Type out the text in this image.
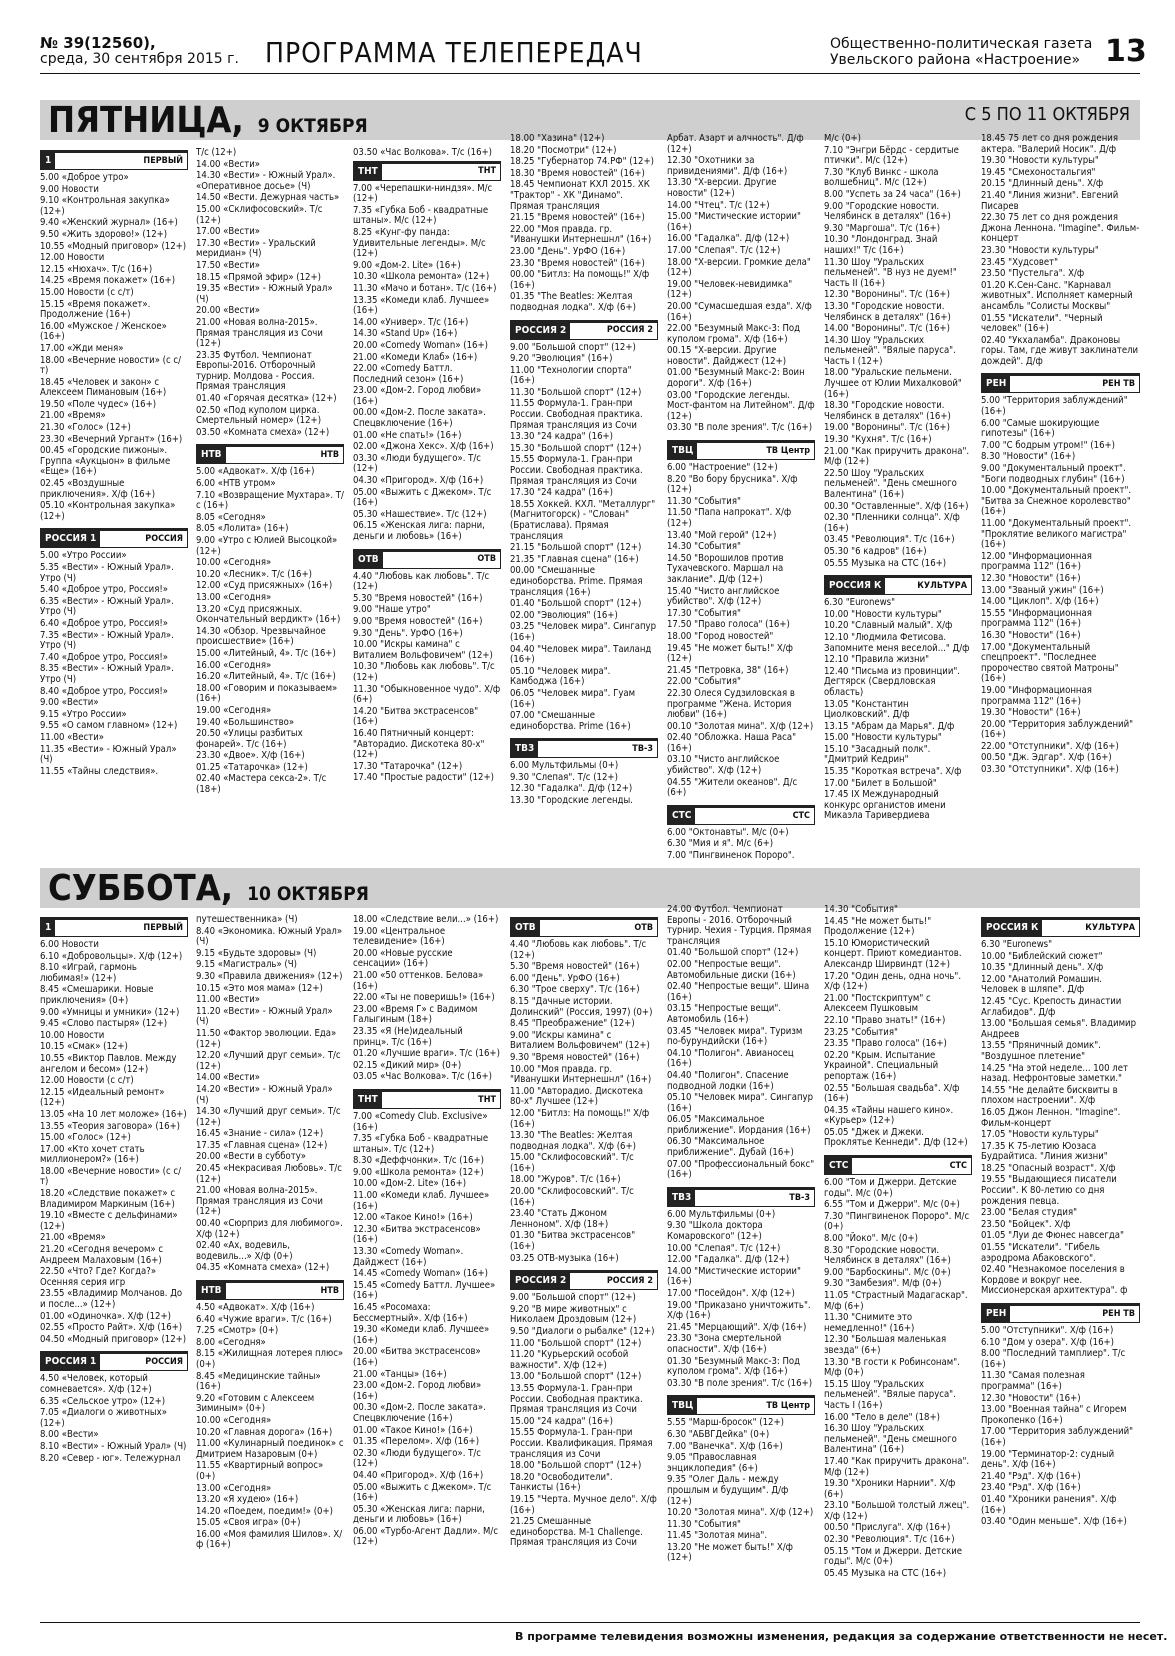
№ 39(12560),
среда, 30 сентября 2015 г. ПРОГРАММА ТЕЛЕПЕРЕДАЧ	Общественно-политическая газета
Увельского района «Настроение» 13
ПЯТНИЦА, 9 ОКТЯБРЯ
С 5 ПО 11 ОКТЯБРЯ
1	ПЕРВЫЙ

5.00 «Доброе утро»

9.00 Новости

9.10 «Контрольная закупка» (12+)

9.40 «Женский журнал» (16+)

9.50 «Жить здорово!» (12+)

10.55 «Модный приговор» (12+)

12.00 Новости

12.15 «Нюхач». Т/с (16+)

14.25 «Время покажет» (16+)

15.00 Новости (с с/т)

15.15 «Время покажет». Продолжение (16+)

16.00 «Мужское / Женское» (16+)

17.00 «Жди меня»

18.00 «Вечерние новости» (с с/т)

18.45 «Человек и закон» с Алексеем Пимановым (16+)

19.50 «Поле чудес» (16+)

21.00 «Время»

21.30 «Голос» (12+)

23.30 «Вечерний Ургант» (16+)

00.45 «Городские пижоны». Группа «Аукцыон» в фильме «Еще» (16+)

02.45 «Воздушные приключения». Х/ф (16+)

05.10 «Контрольная закупка» (12+)

РОССИЯ 1	РОССИЯ

5.00 «Утро России»

5.35 «Вести» - Южный Урал». Утро (Ч)

5.40 «Доброе утро, Россия!»

6.35 «Вести» - Южный Урал». Утро (Ч)

6.40 «Доброе утро, Россия!»

7.35 «Вести» - Южный Урал». Утро (Ч)

7.40 «Доброе утро, Россия!»

8.35 «Вести» - Южный Урал». Утро (Ч)

8.40 «Доброе утро, Россия!»

9.00 «Вести»

9.15 «Утро России»

9.55 «О самом главном» (12+)

11.00 «Вести»

11.35 «Вести» - Южный Урал» (Ч)

11.55 «Тайны следствия».

Т/с (12+)

14.00 «Вести»

14.30 «Вести» - Южный Урал». «Оперативное досье» (Ч)

14.50 «Вести. Дежурная часть»

15.00 «Склифосовский». Т/с (12+)

17.00 «Вести»

17.30 «Вести» - Уральский меридиан» (Ч)

17.50 «Вести»

18.15 «Прямой эфир» (12+)

19.35 «Вести» - Южный Урал» (Ч)

20.00 «Вести»

21.00 «Новая волна-2015». Прямая трансляция из Сочи (12+)

23.35 Футбол. Чемпионат Европы-2016. Отборочный турнир. Молдова - Россия. Прямая трансляция

01.40 «Горячая десятка» (12+)

02.50 «Под куполом цирка. Смертельный номер» (12+)

03.50 «Комната смеха» (12+)

НТВ	НТВ

5.00 «Адвокат». Х/ф (16+)

6.00 «НТВ утром»

7.10 «Возвращение Мухтара». Т/с (16+)

8.05 «Сегодня»

8.05 «Лолита» (16+)

9.00 «Утро с Юлией Высоцкой» (12+)

10.00 «Сегодня»

10.20 «Лесник». Т/с (16+)

12.00 «Суд присяжных» (16+)

13.00 «Сегодня»

13.20 «Суд присяжных. Окончательный вердикт» (16+)

14.30 «Обзор. Чрезвычайное происшествие» (16+)

15.00 «Литейный, 4». Т/с (16+)

16.00 «Сегодня»

16.20 «Литейный, 4». Т/с (16+)

18.00 «Говорим и показываем» (16+)

19.00 «Сегодня»

19.40 «Большинство»

20.50 «Улицы разбитых фонарей». Т/с (16+)

23.30 «Двое». Х/ф (16+)

01.25 «Татарочка» (12+)

02.40 «Мастера секса-2». Т/с (18+)

03.50 «Час Волкова». Т/с (16+)

ТНТ	ТНТ

7.00 «Черепашки-ниндзя». М/с (12+)

7.35 «Губка Боб - квадратные штаны». М/с (12+)

8.25 «Кунг-фу панда: Удивительные легенды». М/с (12+)

9.00 «Дом-2. Lite» (16+)

10.30 «Школа ремонта» (12+)

11.30 «Мачо и ботан». Т/с (16+)

13.35 «Комеди клаб. Лучшее» (16+)

14.00 «Универ». Т/с (16+)

14.30 «Stand Up» (16+)

20.00 «Comedy Woman» (16+)

21.00 «Комеди Клаб» (16+)

22.00 «Comedy Баттл. Последний сезон» (16+)

23.00 «Дом-2. Город любви» (16+)

00.00 «Дом-2. После заката». Спецвключение (16+)

01.00 «Не спать!» (16+)

02.00 «Джона Хекс». Х/ф (16+)

03.30 «Люди будущего». Т/с (12+)

04.30 «Пригород». Х/ф (16+)

05.00 «Выжить с Джеком». Т/с (16+)

05.30 «Нашествие». Т/с (12+)

06.15 «Женская лига: парни, деньги и любовь» (16+)

ОТВ	ОТВ

4.40 "Любовь как любовь". Т/с (12+)

5.30 "Время новостей" (16+)

9.00 "Наше утро"

9.00 "Время новостей" (16+)

9.30 "День". УрФО (16+)

10.00 "Искры камина" с Виталием Вольфовичем" (12+)

10.30 "Любовь как любовь". Т/с (12+)

11.30 "Обыкновенное чудо". Х/ф (6+)

14.20 "Битва экстрасенсов" (16+)

16.40 Пятничный концерт: "Авторадио. Дискотека 80-х" (12+)

17.30 "Татарочка" (12+)

17.40 "Простые радости" (12+)

18.00 "Хазина" (12+)

18.20 "Посмотри" (12+)

18.25 "Губернатор 74.РФ" (12+)

18.30 "Время новостей" (16+)

18.45 Чемпионат КХЛ 2015. ХК "Трактор" - ХК "Динамо". Прямая трансляция

21.15 "Время новостей" (16+)

22.00 "Моя правда. гр. "Иванушки Интернешнл" (16+)

23.00 "День". УрФО (16+)

23.30 "Время новостей" (16+)

00.00 "Битлз: На помощь!" Х/ф (16+)

01.35 "The Beatles: Желтая подводная лодка". Х/ф (6+)

РОССИЯ 2	РОССИЯ 2

9.00 "Большой спорт" (12+)

9.20 "Эволюция" (16+)

11.00 "Технологии спорта" (16+)

11.30 "Большой спорт" (12+)

11.55 Формула-1. Гран-при России. Свободная практика. Прямая трансляция из Сочи

13.30 "24 кадра" (16+)

15.30 "Большой спорт" (12+)

15.55 Формула-1. Гран-при России. Свободная практика. Прямая трансляция из Сочи

17.30 "24 кадра" (16+)

18.55 Хоккей. КХЛ. "Металлург" (Магнитогорск) - "Слован" (Братислава). Прямая трансляция

21.15 "Большой спорт" (12+)

21.35 "Главная сцена" (16+)

00.00 "Смешанные единоборства. Prime. Прямая трансляция (16+)

01.40 "Большой спорт" (12+)

02.00 "Эволюция" (16+)

03.25 "Человек мира". Сингапур (16+)

04.40 "Человек мира". Таиланд (16+)

05.10 "Человек мира". Камбоджа (16+)

06.05 "Человек мира". Гуам (16+)

07.00 "Смешанные единоборства. Prime (16+)

ТВ3	ТВ-3

6.00 Мультфильмы (0+)

9.30 "Слепая". Т/с (12+)

12.30 "Гадалка". Д/ф (12+)

13.30 "Городские легенды.

Арбат. Азарт и алчность". Д/ф (12+)

12.30 "Охотники за привидениями". Д/ф (16+)

13.30 "Х-версии. Другие новости" (12+)

14.00 "Чтец". Т/с (12+)

15.00 "Мистические истории" (16+)

16.00 "Гадалка". Д/ф (12+)

17.00 "Слепая". Т/с (12+)

18.00 "Х-версии. Громкие дела" (12+)

19.00 "Человек-невидимка" (12+)

20.00 "Сумасшедшая езда". Х/ф (16+)

22.00 "Безумный Макс-3: Под куполом грома". Х/ф (16+)

00.15 "Х-версии. Другие новости". Дайджест (12+)

01.00 "Безумный Макс-2: Воин дороги". Х/ф (16+)

03.00 "Городские легенды. Мост-фантом на Литейном". Д/ф (12+)

03.30 "В поле зрения". Т/с (16+)

ТВЦ	ТВ Центр

6.00 "Настроение" (12+)

8.20 "Во бору брусника". Х/ф (12+)

11.30 "События"

11.50 "Папа напрокат". Х/ф (12+)

13.40 "Мой герой" (12+)

14.30 "События"

14.50 "Ворошилов против Тухачевского. Маршал на заклание". Д/ф (12+)

15.40 "Чисто английское убийство". Х/ф (12+)

17.30 "События"

17.50 "Право голоса" (16+)

18.00 "Город новостей"

19.45 "Не может быть!" Х/ф (12+)

21.45 "Петровка, 38" (16+)

22.00 "События"

22.30 Олеся Судзиловская в программе "Жена. История любви" (16+)

00.10 "Золотая мина". Х/ф (12+)

02.40 "Обложка. Наша Раса" (16+)

03.10 "Чисто английское убийство". Х/ф (12+)

04.55 "Жители океанов". Д/с (6+)

СТС	СТС

6.00 "Октонавты". М/с (0+)

6.30 "Мия и я". М/с (6+)

7.00 "Пингвиненок Пороро".

М/с (0+)

7.10 "Энгри Бёрдс - сердитые птички". М/с (12+)

7.30 "Клуб Винкс - школа волшебниц". М/с (12+)

8.00 "Успеть за 24 часа" (16+)

9.00 "Городские новости. Челябинск в деталях" (16+)

9.30 "Маргоша". Т/с (16+)

10.30 "Лондонград. Знай наших!" Т/с (16+)

11.30 Шоу "Уральских пельменей". "В нуз не дуем!" Часть II (16+)

12.30 "Воронины". Т/с (16+)

13.30 "Городские новости. Челябинск в деталях" (16+)

14.00 "Воронины". Т/с (16+)

14.30 Шоу "Уральских пельменей". "Вялые паруса". Часть I (12+)

18.00 "Уральские пельмени. Лучшее от Юлии Михалковой" (16+)

18.30 "Городские новости. Челябинск в деталях" (16+)

19.00 "Воронины". Т/с (16+)

19.30 "Кухня". Т/с (16+)

21.00 "Как приручить дракона". М/ф (12+)

22.50 Шоу "Уральских пельменей". "День смешного Валентина" (16+)

00.30 "Оставленные". Х/ф (16+)

02.30 "Пленники солнца". Х/ф (16+)

03.45 "Революция". Т/с (16+)

05.30 "6 кадров" (16+)

05.55 Музыка на СТС (16+)

РОССИЯ К	КУЛЬТУРА

6.30 "Euronews"

10.00 "Новости культуры"

10.20 "Славный малый". Х/ф

12.10 "Людмила Фетисова. Запомните меня веселой..." Д/ф

12.10 "Правила жизни"

12.40 "Письма из провинции". Дегтярск (Свердловская область)

13.05 "Константин Циолковский". Д/ф

13.15 "Абрам да Марья". Д/ф

15.00 "Новости культуры"

15.10 "Засадный полк". "Дмитрий Кедрин"

15.35 "Короткая встреча". Х/ф

17.00 "Билет в Большой"

17.45 IX Международный конкурс органистов имени Микаэла Таривердиева

18.45 75 лет со дня рождения актера. "Валерий Носик". Д/ф

19.30 "Новости культуры"

19.45 "Смехоностальгия"

20.15 "Длинный день". Х/ф

21.40 "Линия жизни". Евгений Писарев

22.30 75 лет со дня рождения Джона Леннона. "Imagine". Фильм-концерт

23.30 "Новости культуры"

23.45 "Худсовет"

23.50 "Пустельга". Х/ф

01.20 К.Сен-Санс. "Карнавал животных". Исполняет камерный ансамбль "Солисты Москвы"

01.55 "Искатели". "Черный человек" (16+)

02.40 "Укхаламба". Драконовы горы. Там, где живут заклинатели дождей". Д/ф

РЕН	РЕН ТВ

5.00 "Территория заблуждений" (16+)

6.00 "Самые шокирующие гипотезы" (16+)

7.00 "С бодрым утром!" (16+)

8.30 "Новости" (16+)

9.00 "Документальный проект". "Боги подводных глубин" (16+)

10.00 "Документальный проект". "Битва за Снежное королевство" (16+)

11.00 "Документальный проект". "Проклятие великого магистра" (16+)

12.00 "Информационная программа 112" (16+)

12.30 "Новости" (16+)

13.00 "Званый ужин" (16+)

14.00 "Циклоп". Х/ф (16+)

15.55 "Информационная программа 112" (16+)

16.30 "Новости" (16+)

17.00 "Документальный спецпроект". "Последнее пророчество святой Матроны" (16+)

19.00 "Информационная программа 112" (16+)

19.30 "Новости" (16+)

20.00 "Территория заблуждений" (16+)

22.00 "Отступники". Х/ф (16+)

00.50 "Дж. Эдгар". Х/ф (16+)

03.30 "Отступники". Х/ф (16+)

СУББОТА, 10 ОКТЯБРЯ
1	ПЕРВЫЙ

6.00 Новости

6.10 «Добровольцы». Х/ф (12+)

8.10 «Играй, гармонь любимая!» (12+)

8.45 «Смешарики. Новые приключения» (0+)

9.00 «Умницы и умники» (12+)

9.45 «Слово пастыря» (12+)

10.00 Новости

10.15 «Смак» (12+)

10.55 «Виктор Павлов. Между ангелом и бесом» (12+)

12.00 Новости (с с/т)

12.15 «Идеальный ремонт» (12+)

13.05 «На 10 лет моложе» (16+)

13.55 «Теория заговора» (16+)

15.00 «Голос» (12+)

17.00 «Кто хочет стать миллионером?» (16+)

18.00 «Вечерние новости» (с с/т)

18.20 «Следствие покажет» с Владимиром Маркиным (16+)

19.10 «Вместе с дельфинами» (12+)

21.00 «Время»

21.20 «Сегодня вечером» с Андреем Малаховым (16+)

22.50 «Что? Где? Когда?» Осенняя серия игр

23.55 «Владимир Молчанов. До и после...» (12+)

01.00 «Одиночка». Х/ф (12+)

02.55 «Просто Райт». Х/ф (16+)

04.50 «Модный приговор» (12+)

РОССИЯ 1	РОССИЯ

4.50 «Человек, который сомневается». Х/ф (12+)

6.35 «Сельское утро» (12+)

7.05 «Диалоги о животных» (12+)

8.00 «Вести»

8.10 «Вести» - Южный Урал» (Ч)

8.20 «Север - юг». Тележурнал

путешественника» (Ч)

8.40 «Экономика. Южный Урал» (Ч)

9.15 «Будьте здоровы» (Ч)

9.15 «Магистраль» (Ч)

9.30 «Правила движения» (12+)

10.15 «Это моя мама» (12+)

11.00 «Вести»

11.20 «Вести» - Южный Урал» (Ч)

11.50 «Фактор эволюции. Еда» (12+)

12.20 «Лучший друг семьи». Т/с (12+)

14.00 «Вести»

14.20 «Вести» - Южный Урал» (Ч)

14.30 «Лучший друг семьи». Т/с (12+)

16.45 «Знание - сила» (12+)

17.35 «Главная сцена» (12+)

20.00 «Вести в субботу»

20.45 «Некрасивая Любовь». Т/с (12+)

21.00 «Новая волна-2015». Прямая трансляция из Сочи (12+)

00.40 «Сюрприз для любимого». Х/ф (12+)

02.40 «Ах, водевиль, водевиль...» Х/ф (0+)

04.35 «Комната смеха» (12+)

НТВ	НТВ

4.50 «Адвокат». Х/ф (16+)

6.40 «Чужие враги». Т/с (16+)

7.25 «Смотр» (0+)

8.00 «Сегодня»

8.15 «Жилищная лотерея плюс» (0+)

8.45 «Медицинские тайны» (16+)

9.20 «Готовим с Алексеем Зиминым» (0+)

10.00 «Сегодня»

10.20 «Главная дорога» (16+)

11.00 «Кулинарный поединок» с Дмитрием Назаровым (0+)

11.55 «Квартирный вопрос» (0+)

13.00 «Сегодня»

13.20 «Я худею» (16+)

14.20 «Поедем, поедим!» (0+)

15.05 «Своя игра» (0+)

16.00 «Моя фамилия Шилов». Х/ф (16+)

18.00 «Следствие вели...» (16+)

19.00 «Центральное телевидение» (16+)

20.00 «Новые русские сенсации» (16+)

21.00 «50 оттенков. Белова» (16+)

22.00 «Ты не поверишь!» (16+)

23.00 «Время Г» с Вадимом Галыгиным (18+)

23.35 «Я (Не)идеальный принц». Т/с (16+)

01.20 «Лучшие враги». Т/с (16+)

02.15 «Дикий мир» (0+)

03.05 «Час Волкова». Т/с (16+)

ТНТ	ТНТ

7.00 «Comedy Club. Exclusive» (16+)

7.35 «Губка Боб - квадратные штаны». Т/с (12+)

8.30 «Деффчонки». Т/с (16+)

9.00 «Школа ремонта» (12+)

10.00 «Дом-2. Lite» (16+)

11.00 «Комеди клаб. Лучшее» (16+)

12.00 «Такое Кино!» (16+)

12.30 «Битва экстрасенсов» (16+)

13.30 «Comedy Woman». Дайджест (16+)

14.45 «Comedy Woman» (16+)

15.45 «Comedy Баттл. Лучшее» (16+)

16.45 «Росомаха: Бессмертный». Х/ф (16+)

19.30 «Комеди клаб. Лучшее» (16+)

20.00 «Битва экстрасенсов» (16+)

21.00 «Танцы» (16+)

23.00 «Дом-2. Город любви» (16+)

00.30 «Дом-2. После заката». Спецвключение (16+)

01.00 «Такое Кино!» (16+)

01.35 «Перелом». Х/ф (16+)

02.30 «Люди будущего». Т/с (12+)

04.40 «Пригород». Х/ф (16+)

05.00 «Выжить с Джеком». Т/с (16+)

05.30 «Женская лига: парни, деньги и любовь» (16+)

06.00 «Турбо-Агент Дадли». М/с (12+)

ОТВ	ОТВ

4.40 "Любовь как любовь". Т/с (12+)

5.30 "Время новостей" (16+)

6.00 "День". УрФО (16+)

6.30 "Трое сверху". Т/с (16+)

8.15 "Дачные истории. Долинский" (Россия, 1997) (0+)

8.45 "Преображение" (12+)

9.00 "Искры камина" с Виталием Вольфовичем" (12+)

9.30 "Время новостей" (16+)

10.00 "Моя правда. гр. "Иванушки Интернешнл" (16+)

11.00 "Авторадио. Дискотека 80-х" Лучшее (12+)

12.00 "Битлз: На помощь!" Х/ф (16+)

13.30 "The Beatles: Желтая подводная лодка". Х/ф (6+)

15.00 "Склифосовский". Т/с (16+)

18.00 "Журов". Т/с (16+)

20.00 "Склифосовский". Т/с (16+)

23.40 "Стать Джоном Ленноном". Х/ф (18+)

01.30 "Битва экстрасенсов" (16+)

03.25 ОТВ-музыка (16+)

РОССИЯ 2	РОССИЯ 2

9.00 "Большой спорт" (12+)

9.20 "В мире животных" с Николаем Дроздовым (12+)

9.50 "Диалоги о рыбалке" (12+)

11.00 "Большой спорт" (12+)

11.20 "Курьерский особой важности". Х/ф (12+)

13.00 "Большой спорт" (12+)

13.55 Формула-1. Гран-при России. Свободная практика. Прямая трансляция из Сочи

15.00 "24 кадра" (16+)

15.55 Формула-1. Гран-при России. Квалификация. Прямая трансляция из Сочи

18.00 "Большой спорт" (12+)

18.20 "Освободители". Танкисты (16+)

19.15 "Черта. Мучное дело". Х/ф (16+)

21.25 Смешанные единоборства. М-1 Challenge. Прямая трансляция из Сочи

24.00 Футбол. Чемпионат Европы - 2016. Отборочный турнир. Чехия - Турция. Прямая трансляция

01.40 "Большой спорт" (12+)

02.00 "Непростые вещи". Автомобильные диски (16+)

02.40 "Непростые вещи". Шина (16+)

03.15 "Непростые вещи". Автомобиль (16+)

03.45 "Человек мира". Туризм по-бурундийски (16+)

04.10 "Полигон". Авианосец (16+)

04.40 "Полигон". Спасение подводной лодки (16+)

05.10 "Человек мира". Сингапур (16+)

06.05 "Максимальное приближение". Иордания (16+)

06.30 "Максимальное приближение". Дубай (16+)

07.00 "Профессиональный бокс" (16+)

ТВ3	ТВ-3

6.00 Мультфильмы (0+)

9.30 "Школа доктора Комаровского" (12+)

10.00 "Слепая". Т/с (12+)

12.00 "Гадалка". Д/ф (12+)

14.00 "Мистические истории" (16+)

17.00 "Посейдон". Х/ф (12+)

19.00 "Приказано уничтожить". Х/ф (16+)

21.45 "Мерцающий". Х/ф (16+)

23.30 "Зона смертельной опасности". Х/ф (16+)

01.30 "Безумный Макс-3: Под куполом грома". Х/ф (16+)

03.30 "В поле зрения". Т/с (16+)

ТВЦ	ТВ Центр

5.55 "Марш-бросок" (12+)

6.30 "АБВГДейка" (0+)

7.00 "Ванечка". Х/ф (16+)

9.05 "Православная энциклопедия" (6+)

9.35 "Олег Даль - между прошлым и будущим". Д/ф (12+)

10.20 "Золотая мина". Х/ф (12+)

11.30 "События"

11.45 "Золотая мина".

13.20 "Не может быть!" Х/ф (12+)

14.30 "События"

14.45 "Не может быть!" Продолжение (12+)

15.10 Юмористический концерт. Приют комедиантов. Александр Ширвиндт (12+)

17.20 "Один день, одна ночь". Х/ф (12+)

21.00 "Постскриптум" с Алексеем Пушковым

22.10 "Право знать!" (16+)

23.25 "События"

23.35 "Право голоса" (16+)

02.20 "Крым. Испытание Украиной". Специальный репортаж (16+)

02.55 "Большая свадьба". Х/ф (16+)

04.35 «Тайны нашего кино». «Курьер» (12+)

05.05 "Джек и Джеки. Проклятье Кеннеди". Д/ф (12+)

СТС	СТС

6.00 "Том и Джерри. Детские годы". М/с (0+)

6.55 "Том и Джерри". М/с (0+)

7.30 "Пингвиненок Пороро". М/с (0+)

8.00 "Йоко". М/с (0+)

8.30 "Городские новости. Челябинск в деталях" (16+)

9.00 "Барбоскины". М/с (0+)

9.30 "Замбезия". М/ф (0+)

11.05 "Страстный Мадагаскар". М/ф (6+)

11.30 "Снимите это немедленно!" (16+)

12.30 "Большая маленькая звезда" (6+)

13.30 "В гости к Робинсонам". М/ф (0+)

15.15 Шоу "Уральских пельменей". "Вялые паруса". Часть I (16+)

16.00 "Тело в деле" (18+)

16.30 Шоу "Уральских пельменей". "День смешного Валентина" (16+)

17.40 "Как приручить дракона". М/ф (12+)

19.30 "Хроники Нарнии". Х/ф (6+)

23.10 "Большой толстый лжец". Х/ф (12+)

00.50 "Прислуга". Х/ф (16+)

02.30 "Революция". Т/с (16+)

05.15 "Том и Джерри. Детские годы". М/с (0+)

05.45 Музыка на СТС (16+)

РОССИЯ К	КУЛЬТУРА

6.30 "Euronews"

10.00 "Библейский сюжет"

10.35 "Длинный день". Х/ф

12.00 "Анатолий Ромашин. Человек в шляпе". Д/ф

12.45 "Сус. Крепость династии Аглабидов". Д/ф

13.00 "Большая семья". Владимир Андреев

13.55 "Пряничный домик". "Воздушное плетение"

14.25 "На этой неделе... 100 лет назад. Нефронтовые заметки."

14.55 "Не делайте бисквиты в плохом настроении". Х/ф

16.05 Джон Леннон. "Imagine". Фильм-концерт

17.05 "Новости культуры"

17.35 К 75-летию Юозаса Будрайтиса. "Линия жизни"

18.25 "Опасный возраст". Х/ф

19.55 "Выдающиеся писатели России". К 80-летию со дня рождения певца.

23.00 "Белая студия"

23.50 "Бойцек". Х/ф

01.05 "Луи де Фюнес навсегда"

01.55 "Искатели". "Гибель аэродрома Абаковского".

02.40 "Незнакомое поселения в Кордове и вокруг нее. Миссионерская архитектура". ф

РЕН	РЕН ТВ

5.00 "Отступники". Х/ф (16+)

6.10 "Дом у озера". Х/ф (16+)

8.00 "Последний тамплиер". Т/с (16+)

11.30 "Самая полезная программа" (16+)

12.30 "Новости" (16+)

13.00 "Военная тайна" с Игорем Прокопенко (16+)

17.00 "Территория заблуждений" (16+)

19.00 "Терминатор-2: судный день". Х/ф (16+)

21.40 "Рэд". Х/ф (16+)

23.40 "Рэд". Х/ф (16+)

01.40 "Хроники ранения". Х/ф (16+)

03.40 "Один меньше". Х/ф (16+)

В программе телевидения возможны изменения, редакция за содержание ответственности не несет.
